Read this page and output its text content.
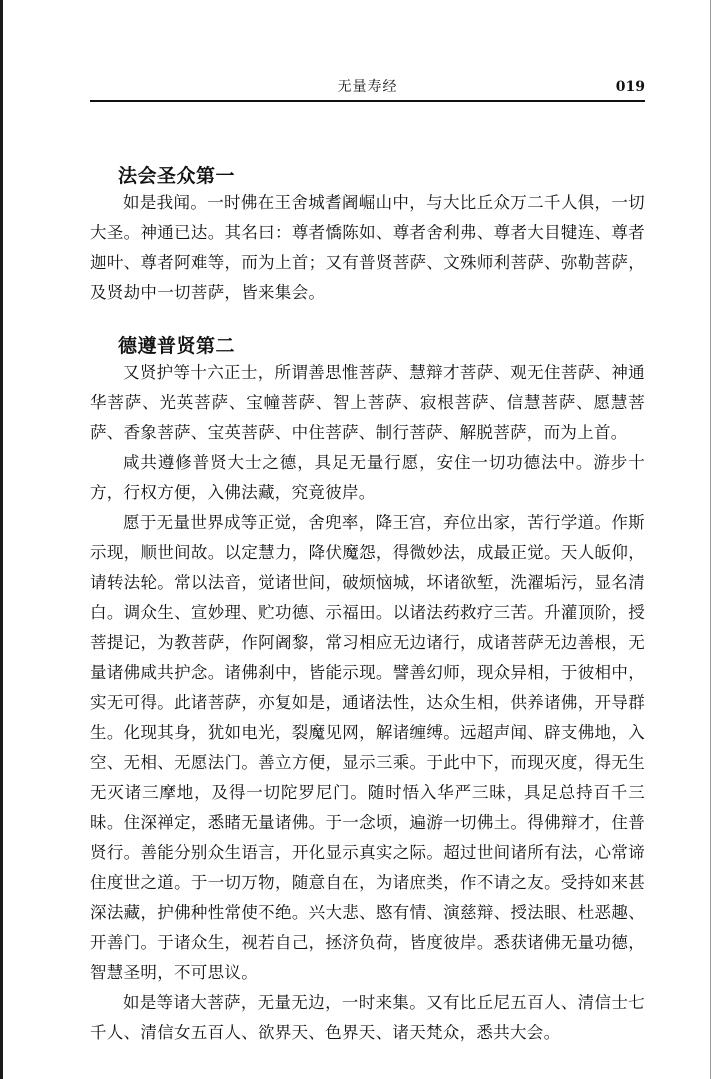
无量寿经	019
法会圣众第一

如是我闻。一时佛在王舍城耆阇崛山中，与大比丘众万二千人俱，一切大圣。神通已达。其名曰：尊者憍陈如、尊者舍利弗、尊者大目犍连、尊者迦叶、尊者阿难等，而为上首；又有普贤菩萨、文殊师利菩萨、弥勒菩萨，及贤劫中一切菩萨，皆来集会。

德遵普贤第二

又贤护等十六正士，所谓善思惟菩萨、慧辩才菩萨、观无住菩萨、神通华菩萨、光英菩萨、宝幢菩萨、智上菩萨、寂根菩萨、信慧菩萨、愿慧菩萨、香象菩萨、宝英菩萨、中住菩萨、制行菩萨、解脱菩萨，而为上首。

咸共遵修普贤大士之德，具足无量行愿，安住一切功德法中。游步十方，行权方便，入佛法藏，究竟彼岸。

愿于无量世界成等正觉，舍兜率，降王宫，弃位出家，苦行学道。作斯示现，顺世间故。以定慧力，降伏魔怨，得微妙法，成最正觉。天人皈仰，请转法轮。常以法音，觉诸世间，破烦恼城，坏诸欲堑，洗濯垢污，显名清白。调众生、宣妙理、贮功德、示福田。以诸法药救疗三苦。升灌顶阶，授菩提记，为教菩萨，作阿阇黎，常习相应无边诸行，成诸菩萨无边善根，无量诸佛咸共护念。诸佛刹中，皆能示现。譬善幻师，现众异相，于彼相中，实无可得。此诸菩萨，亦复如是，通诸法性，达众生相，供养诸佛，开导群生。化现其身，犹如电光，裂魔见网，解诸缠缚。远超声闻、辟支佛地，入空、无相、无愿法门。善立方便，显示三乘。于此中下，而现灭度，得无生无灭诸三摩地，及得一切陀罗尼门。随时悟入华严三昧，具足总持百千三昧。住深禅定，悉睹无量诸佛。于一念顷，遍游一切佛土。得佛辩才，住普贤行。善能分别众生语言，开化显示真实之际。超过世间诸所有法，心常谛住度世之道。于一切万物，随意自在，为诸庶类，作不请之友。受持如来甚深法藏，护佛种性常使不绝。兴大悲、愍有情、演慈辩、授法眼、杜恶趣、开善门。于诸众生，视若自己，拯济负荷，皆度彼岸。悉获诸佛无量功德，智慧圣明，不可思议。

如是等诸大菩萨，无量无边，一时来集。又有比丘尼五百人、清信士七千人、清信女五百人、欲界天、色界天、诸天梵众，悉共大会。
